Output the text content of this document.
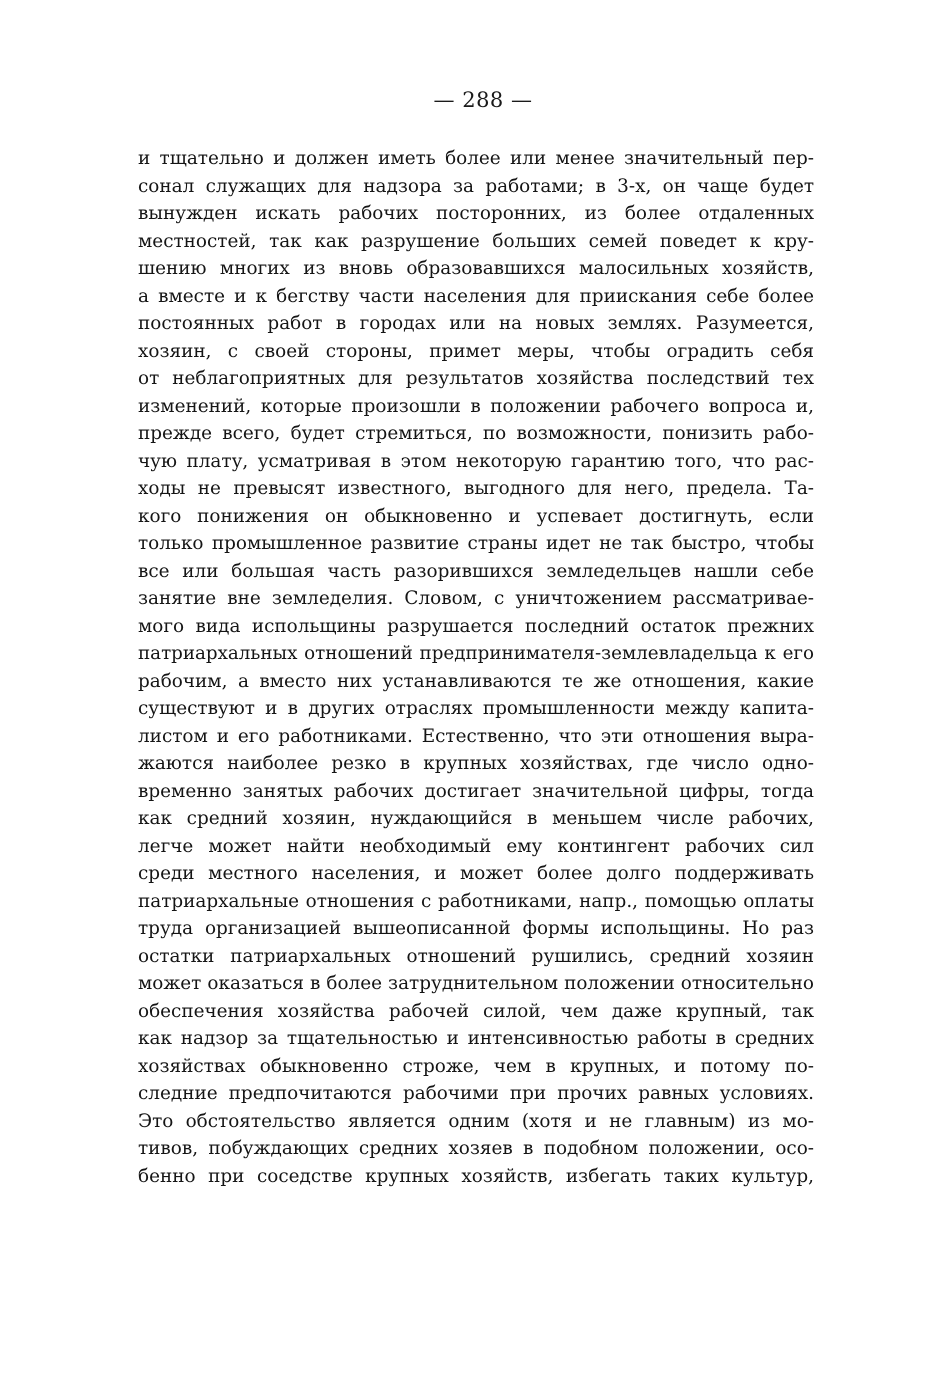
— 288 —
и тщательно и должен иметь более или менее значительный пер-
сонал служащих для надзора за работами; в 3-х, он чаще будет
вынужден искать рабочих посторонних, из более отдаленных
местностей, так как разрушение больших семей поведет к кру-
шению многих из вновь образовавшихся малосильных хозяйств,
а вместе и к бегству части населения для приискания себе более
постоянных работ в городах или на новых землях. Разумеется,
хозяин, с своей стороны, примет меры, чтобы оградить себя
от неблагоприятных для результатов хозяйства последствий тех
изменений, которые произошли в положении рабочего вопроса и,
прежде всего, будет стремиться, по возможности, понизить рабо-
чую плату, усматривая в этом некоторую гарантию того, что рас-
ходы не превысят известного, выгодного для него, предела. Та-
кого понижения он обыкновенно и успевает достигнуть, если
только промышленное развитие страны идет не так быстро, чтобы
все или большая часть разорившихся земледельцев нашли себе
занятие вне земледелия. Словом, с уничтожением рассматривае-
мого вида испольщины разрушается последний остаток прежних
патриархальных отношений предпринимателя-землевладельца к его
рабочим, а вместо них устанавливаются те же отношения, какие
существуют и в других отраслях промышленности между капита-
листом и его работниками. Естественно, что эти отношения выра-
жаются наиболее резко в крупных хозяйствах, где число одно-
временно занятых рабочих достигает значительной цифры, тогда
как средний хозяин, нуждающийся в меньшем числе рабочих,
легче может найти необходимый ему контингент рабочих сил
среди местного населения, и может более долго поддерживать
патриархальные отношения с работниками, напр., помощью оплаты
труда организацией вышеописанной формы испольщины. Но раз
остатки патриархальных отношений рушились, средний хозяин
может оказаться в более затруднительном положении относительно
обеспечения хозяйства рабочей силой, чем даже крупный, так
как надзор за тщательностью и интенсивностью работы в средних
хозяйствах обыкновенно строже, чем в крупных, и потому по-
следние предпочитаются рабочими при прочих равных условиях.
Это обстоятельство является одним (хотя и не главным) из мо-
тивов, побуждающих средних хозяев в подобном положении, осо-
бенно при соседстве крупных хозяйств, избегать таких культур,
